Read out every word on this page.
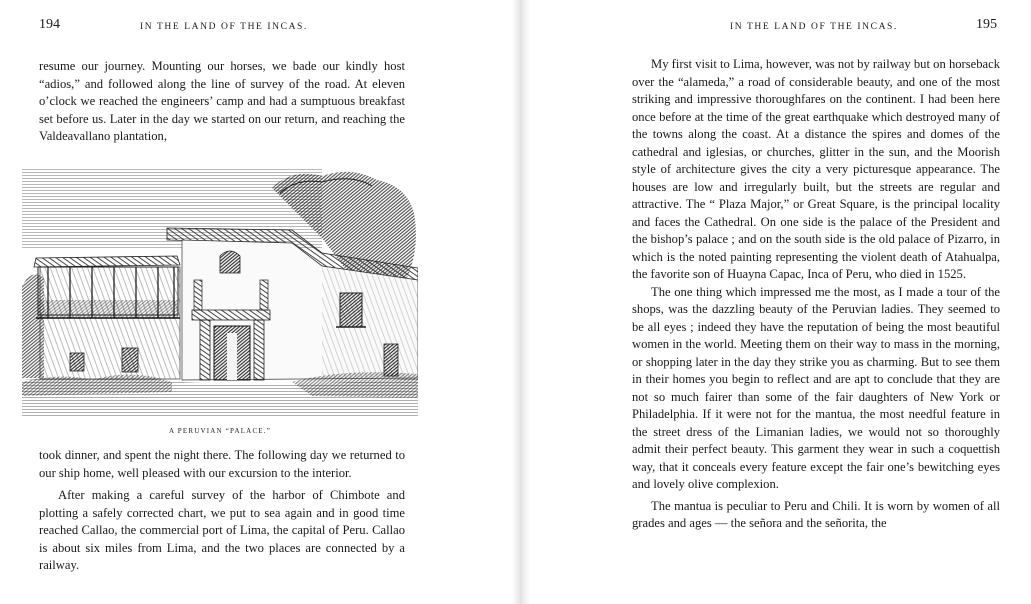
194	IN THE LAND OF THE INCAS.

resume our journey. Mounting our horses, we bade our kindly host “adios,” and followed along the line of survey of the road. At eleven o’clock we reached the engineers’ camp and had a sumptuous breakfast set before us. Later in the day we started on our return, and reaching the Valdeavallano plantation,

A PERUVIAN “PALACE.”

took dinner, and spent the night there. The following day we returned to our ship home, well pleased with our excursion to the interior.

After making a careful survey of the harbor of Chimbote and plotting a safely corrected chart, we put to sea again and in good time reached Callao, the commercial port of Lima, the capital of Peru. Callao is about six miles from Lima, and the two places are connected by a railway.

IN THE LAND OF THE INCAS.	195

My first visit to Lima, however, was not by railway but on horseback over the “alameda,” a road of considerable beauty, and one of the most striking and impressive thoroughfares on the continent. I had been here once before at the time of the great earthquake which destroyed many of the towns along the coast. At a distance the spires and domes of the cathedral and iglesias, or churches, glitter in the sun, and the Moorish style of architecture gives the city a very picturesque appearance. The houses are low and irregularly built, but the streets are regular and attractive. The “ Plaza Major,” or Great Square, is the principal locality and faces the Cathedral. On one side is the palace of the President and the bishop’s palace ; and on the south side is the old palace of Pizarro, in which is the noted painting representing the violent death of Atahualpa, the favorite son of Huayna Capac, Inca of Peru, who died in 1525.

The one thing which impressed me the most, as I made a tour of the shops, was the dazzling beauty of the Peruvian ladies. They seemed to be all eyes ; indeed they have the reputation of being the most beautiful women in the world. Meeting them on their way to mass in the morning, or shopping later in the day they strike you as charming. But to see them in their homes you begin to reflect and are apt to conclude that they are not so much fairer than some of the fair daughters of New York or Philadelphia. If it were not for the mantua, the most needful feature in the street dress of the Limanian ladies, we would not so thoroughly admit their perfect beauty. This garment they wear in such a coquettish way, that it conceals every feature except the fair one’s bewitching eyes and lovely olive complexion.

The mantua is peculiar to Peru and Chili. It is worn by women of all grades and ages — the señora and the señorita, the
